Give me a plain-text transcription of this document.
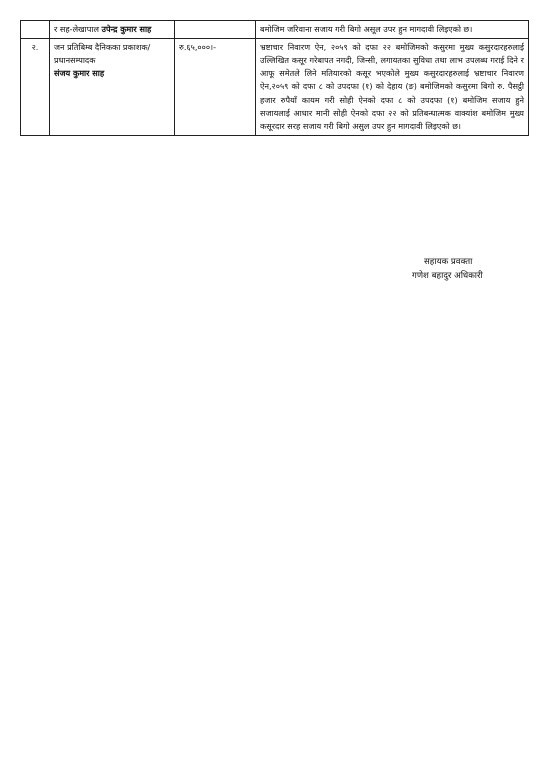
	र सह-लेखापाल उपेन्द्र कुमार साह		बमोजिम जरिवाना सजाय गरी बिगो असूल उपर हुन मागदावी लिइएको छ।
२.	जन प्रतिबिम्ब दैनिकका प्रकाशक/प्रधानसम्पादक
संजय कुमार साह	रु.६५,०००।-	भ्रष्टाचार निवारण ऐन, २०५९ को दफा २२ बमोजिमको कसुरमा मुख्य कसुरदारहरुलाई उल्लिखित कसूर गरेबापत नगदी, जिन्सी, लगायतका सुविधा तथा लाभ उपलब्ध गराई दिने र आफू समेतले लिने मतियारको कसूर भएकोले मुख्य कसुरदारहरुलाई भ्रष्टाचार निवारण ऐन,२०५९ को दफा ८ को उपदफा (१) को देहाय (ङ) बमोजिमको कसुरमा बिगो रु. पैसट्ठी हजार रुपैयाँ कायम गरी सोही ऐनको दफा ८ को उपदफा (१) बमोजिम सजाय हुने सजायलाई आधार मानी सोही ऐनको दफा २२ को प्रतिबन्धात्मक वाक्यांश बमोजिम मुख्य कसूरदार सरह सजाय गरी बिगो असुल उपर हुन मागदावी लिइएको छ।
सहायक प्रवक्ता
गणेश बहादुर अधिकारी
